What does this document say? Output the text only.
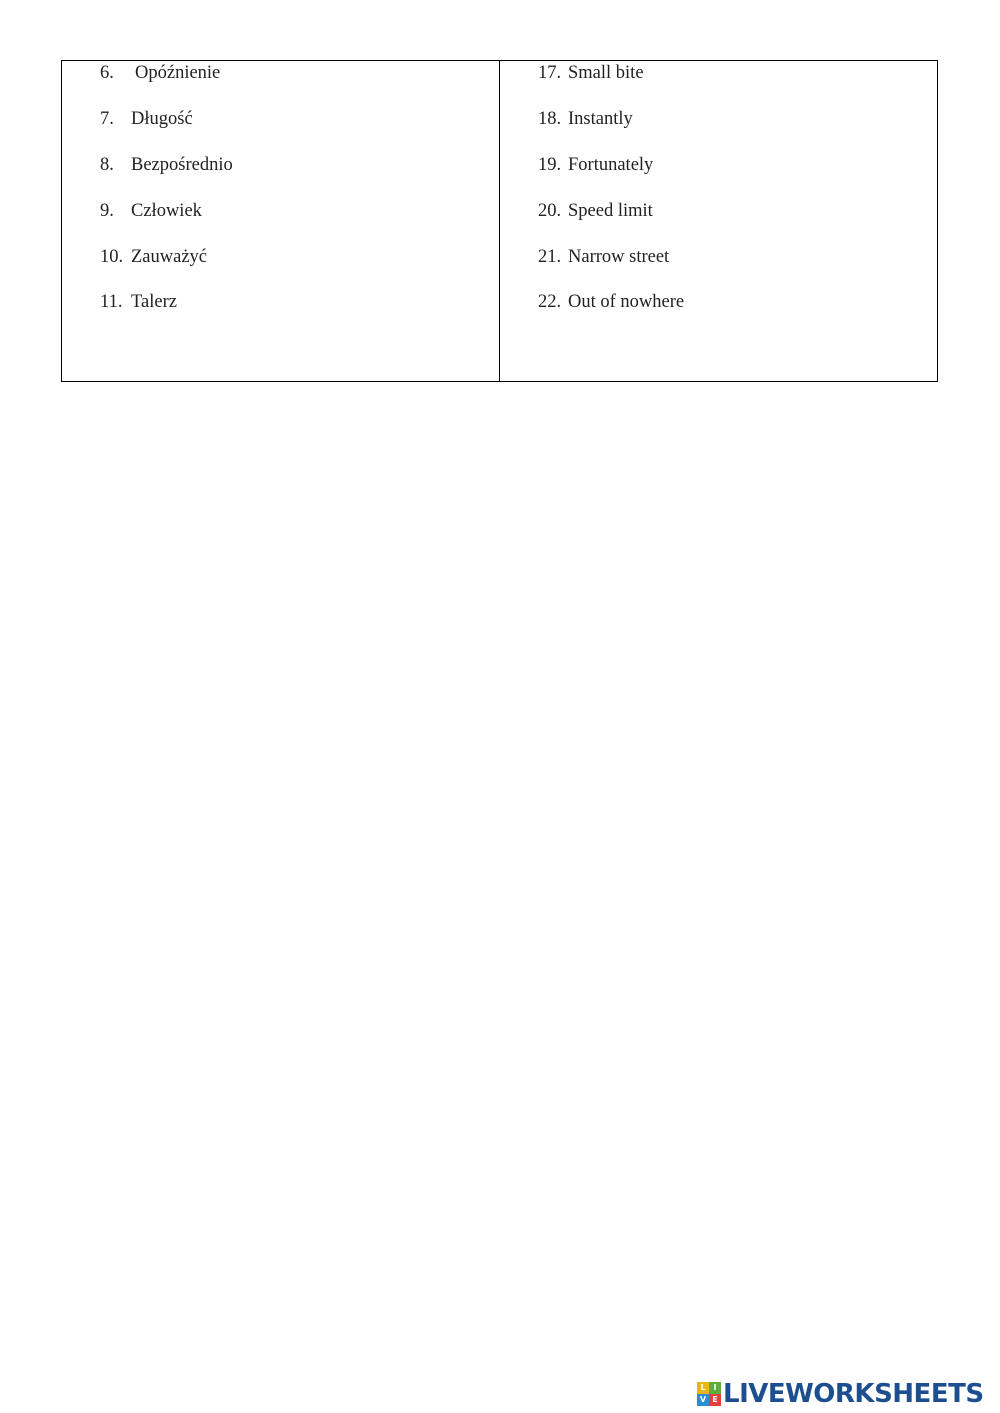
6. Opóźnienie
7. Długość
8. Bezpośrednio
9. Człowiek
10. Zauważyć
11. Talerz
17. Small bite
18. Instantly
19. Fortunately
20. Speed limit
21. Narrow street
22. Out of nowhere
L I
V E LIVEWORKSHEETS
